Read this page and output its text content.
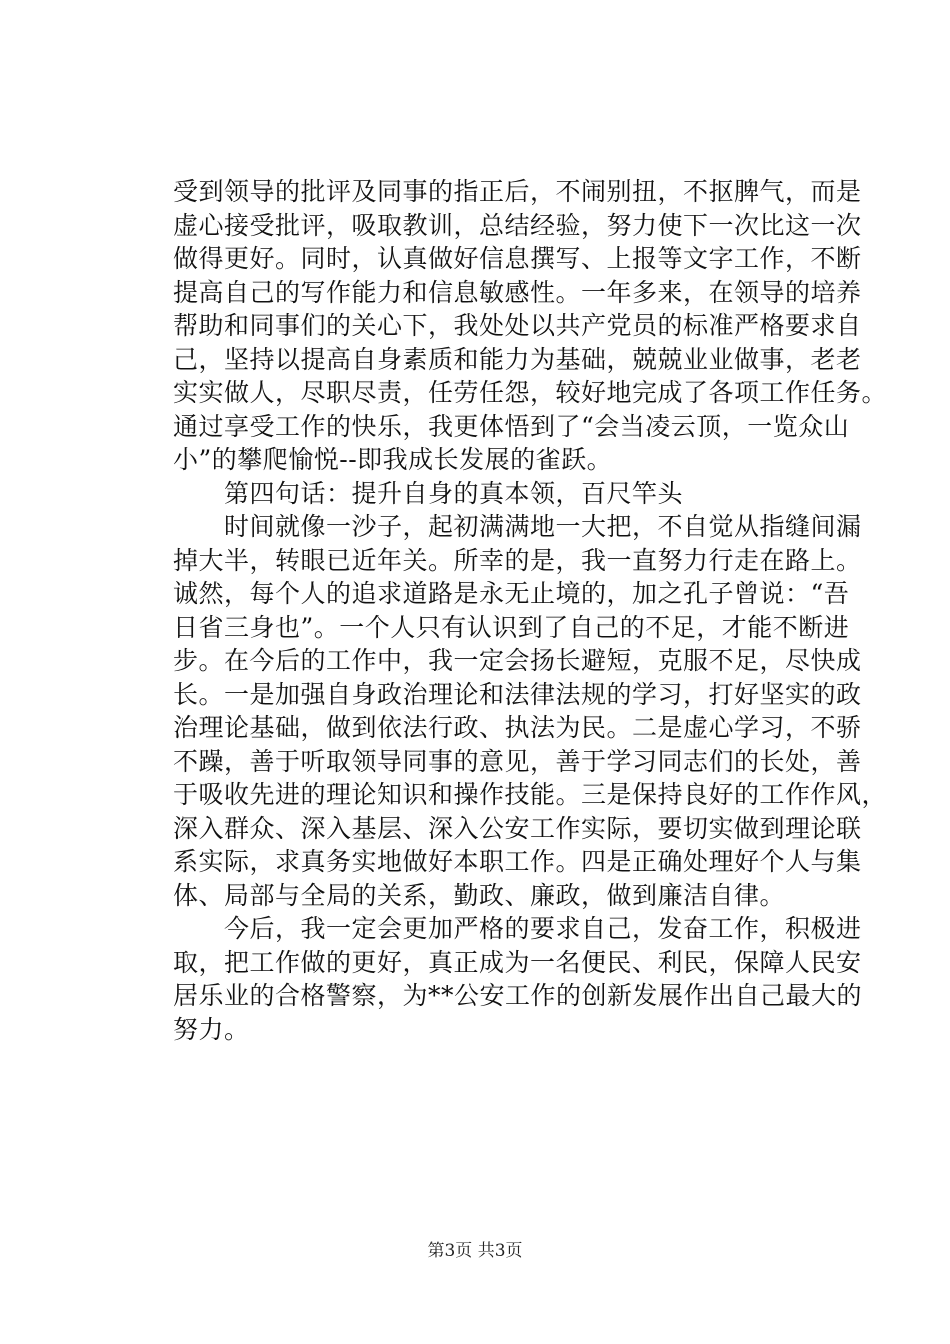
受到领导的批评及同事的指正后，不闹别扭，不抠脾气，而是
虚心接受批评，吸取教训，总结经验，努力使下一次比这一次
做得更好。同时，认真做好信息撰写、上报等文字工作，不断
提高自己的写作能力和信息敏感性。一年多来，在领导的培养
帮助和同事们的关心下，我处处以共产党员的标准严格要求自
己，坚持以提高自身素质和能力为基础，兢兢业业做事，老老
实实做人，尽职尽责，任劳任怨，较好地完成了各项工作任务。
通过享受工作的快乐，我更体悟到了“会当凌云顶，一览众山
小”的攀爬愉悦--即我成长发展的雀跃。
　　第四句话：提升自身的真本领，百尺竿头
　　时间就像一沙子，起初满满地一大把，不自觉从指缝间漏
掉大半，转眼已近年关。所幸的是，我一直努力行走在路上。
诚然，每个人的追求道路是永无止境的，加之孔子曾说：“吾
日省三身也”。一个人只有认识到了自己的不足，才能不断进
步。在今后的工作中，我一定会扬长避短，克服不足，尽快成
长。一是加强自身政治理论和法律法规的学习，打好坚实的政
治理论基础，做到依法行政、执法为民。二是虚心学习，不骄
不躁，善于听取领导同事的意见，善于学习同志们的长处，善
于吸收先进的理论知识和操作技能。三是保持良好的工作作风，
深入群众、深入基层、深入公安工作实际，要切实做到理论联
系实际，求真务实地做好本职工作。四是正确处理好个人与集
体、局部与全局的关系，勤政、廉政，做到廉洁自律。
　　今后，我一定会更加严格的要求自己，发奋工作，积极进
取，把工作做的更好，真正成为一名便民、利民，保障人民安
居乐业的合格警察，为**公安工作的创新发展作出自己最大的
努力。
第3页 共3页
